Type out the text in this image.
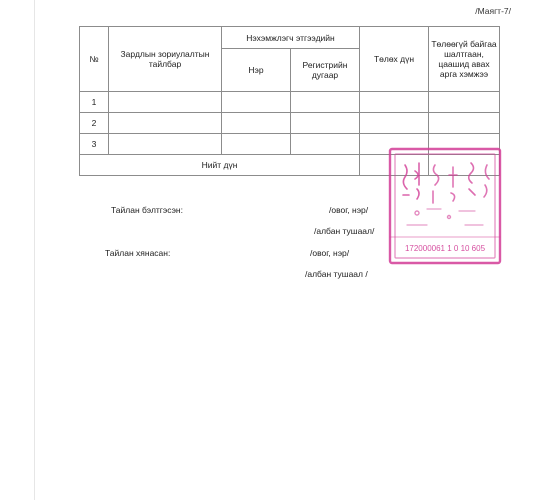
/Маягт-7/
№	Зардлын зориулалтын тайлбар	Нэхэмжлэгч этгээдийн		Төлөх дүн	Төлөөгүй байгаа шалтгаан, цаашид авах арга хэмжээ
		Нэр	Регистрийн дугаар		
1					
2					
3					
Нийт дүн					
Тайлан бэлтгэсэн:	/овог, нэр/
/албан тушаал/
Тайлан хянасан:	/овог, нэр/
/албан тушаал /
172000061 1 0 10 605
